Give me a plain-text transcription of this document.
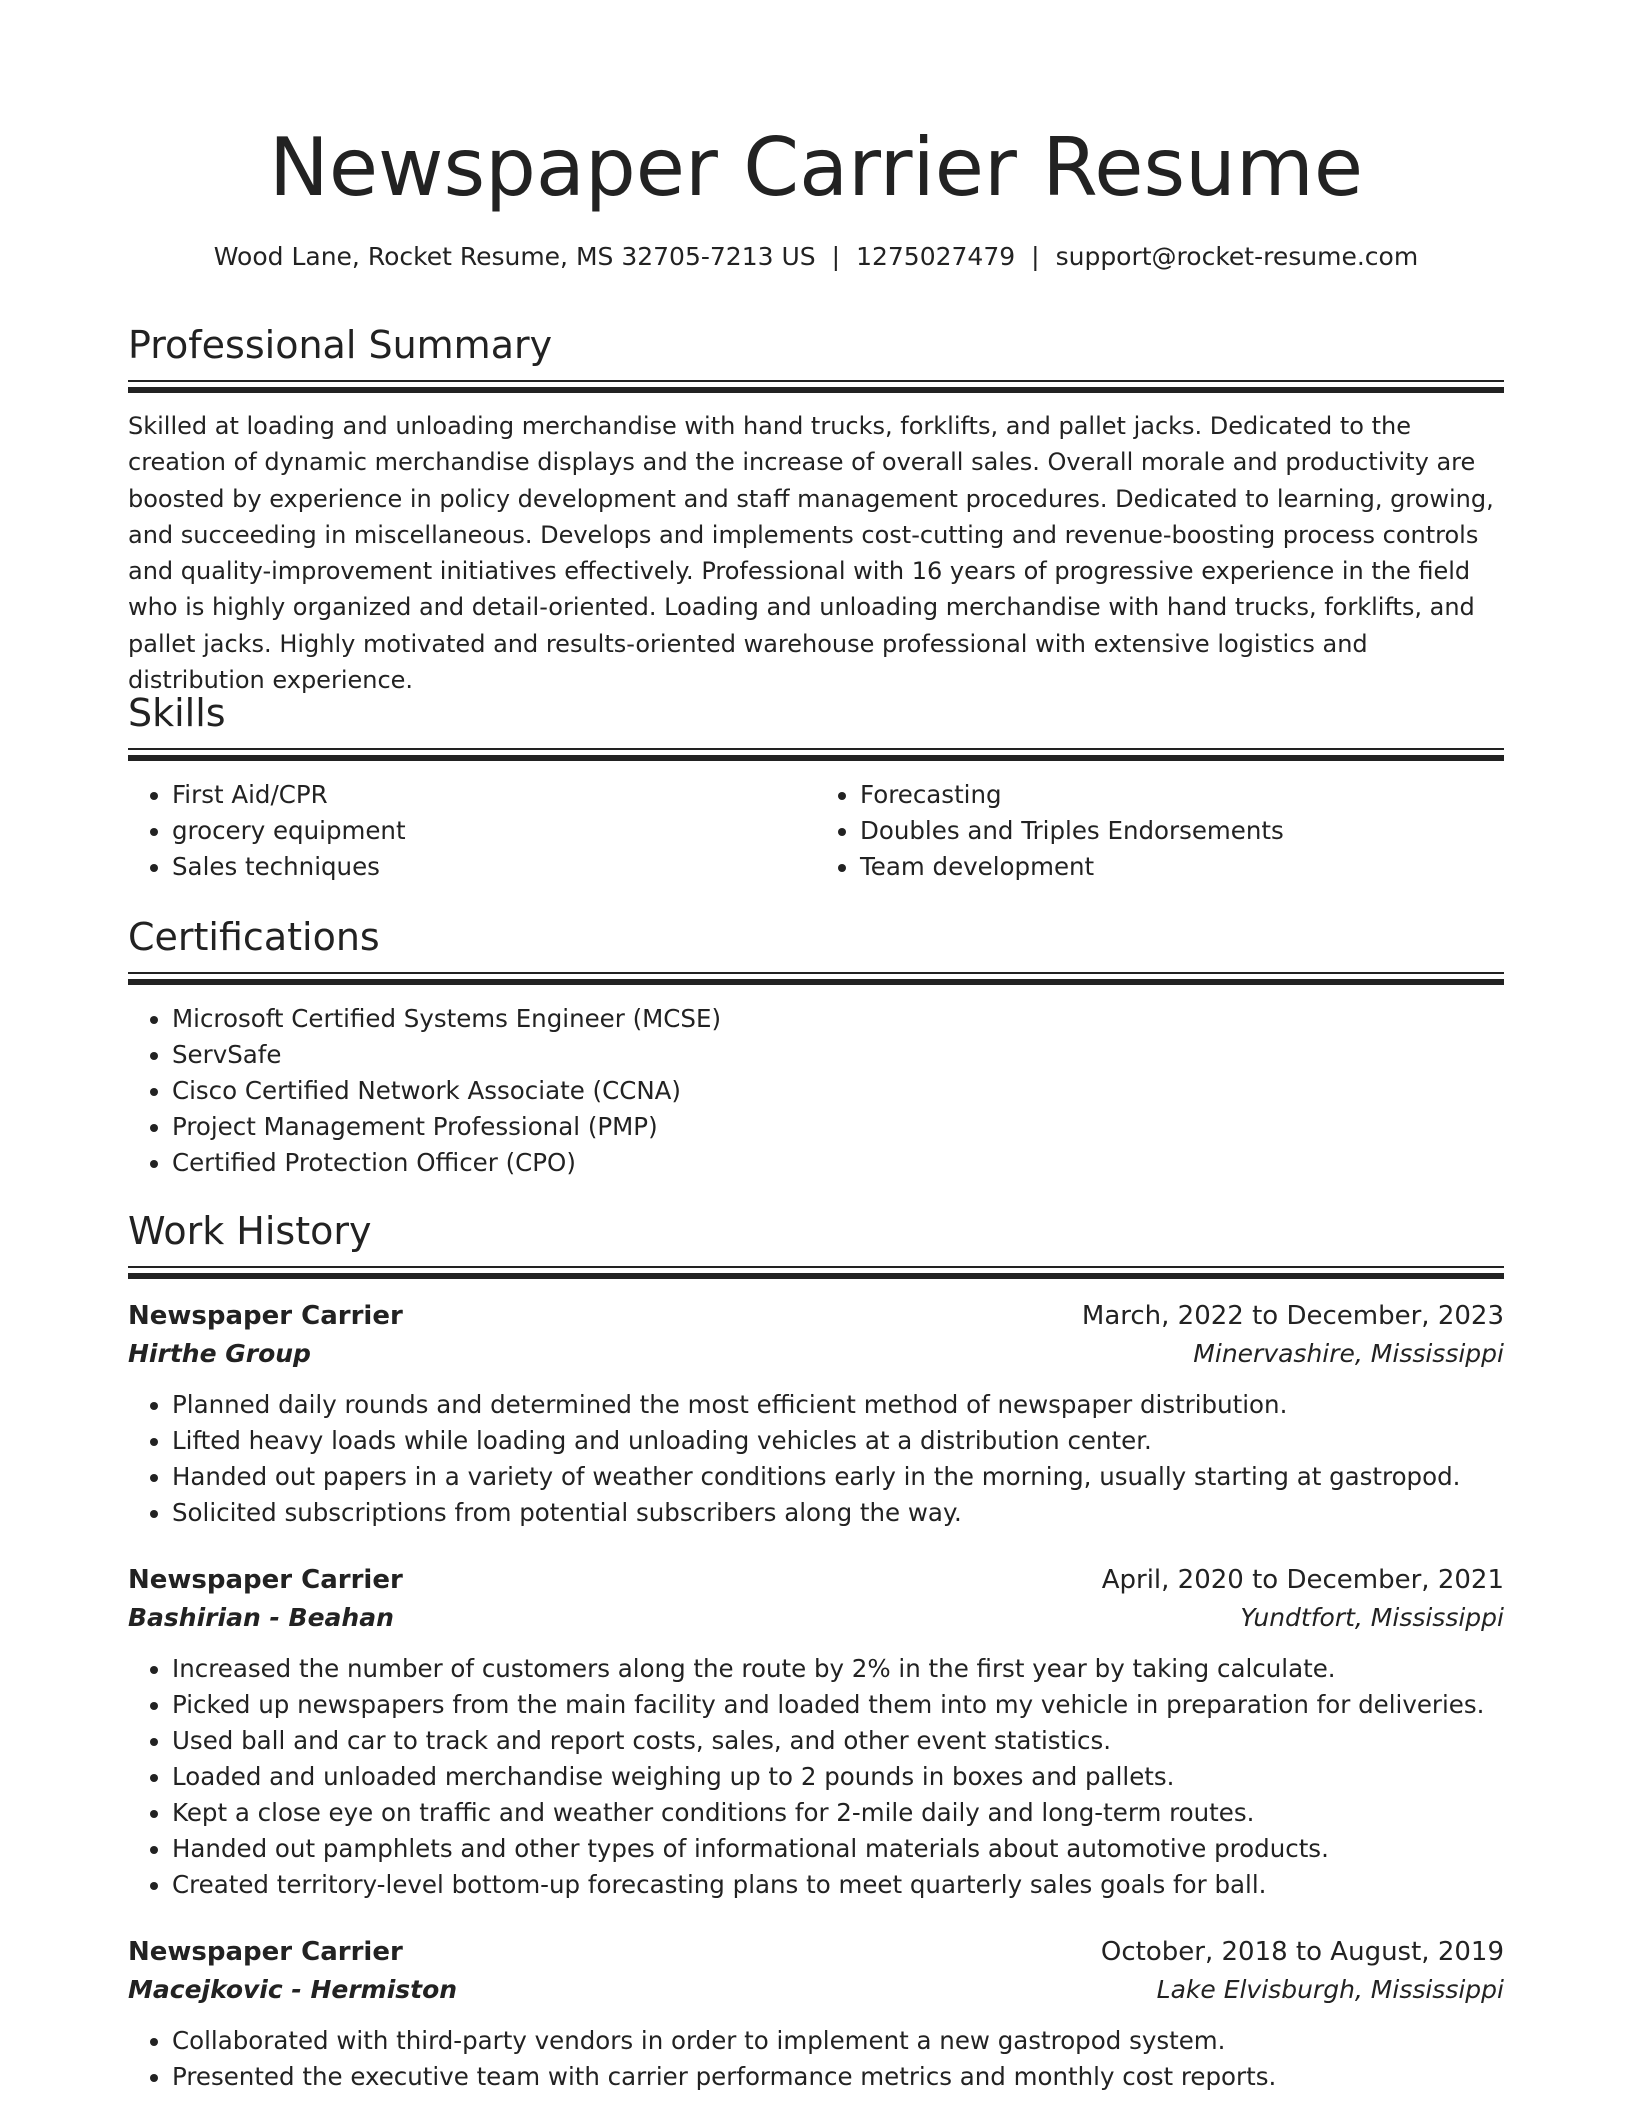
Newspaper Carrier Resume
Wood Lane, Rocket Resume, MS 32705-7213 US | 1275027479 | support@rocket-resume.com
Professional Summary
Skilled at loading and unloading merchandise with hand trucks, forklifts, and pallet jacks. Dedicated to the creation of dynamic merchandise displays and the increase of overall sales. Overall morale and productivity are boosted by experience in policy development and staff management procedures. Dedicated to learning, growing, and succeeding in miscellaneous. Develops and implements cost-cutting and revenue-boosting process controls and quality-improvement initiatives effectively. Professional with 16 years of progressive experience in the field who is highly organized and detail-oriented. Loading and unloading merchandise with hand trucks, forklifts, and pallet jacks. Highly motivated and results-oriented warehouse professional with extensive logistics and distribution experience.
Skills
• First Aid/CPR
• grocery equipment
• Sales techniques
• Forecasting
• Doubles and Triples Endorsements
• Team development
Certifications
• Microsoft Certified Systems Engineer (MCSE)
• ServSafe
• Cisco Certified Network Associate (CCNA)
• Project Management Professional (PMP)
• Certified Protection Officer (CPO)
Work History
Newspaper Carrier	March, 2022 to December, 2023
Hirthe Group	Minervashire, Mississippi
• Planned daily rounds and determined the most efficient method of newspaper distribution.
• Lifted heavy loads while loading and unloading vehicles at a distribution center.
• Handed out papers in a variety of weather conditions early in the morning, usually starting at gastropod.
• Solicited subscriptions from potential subscribers along the way.
Newspaper Carrier	April, 2020 to December, 2021
Bashirian - Beahan	Yundtfort, Mississippi
• Increased the number of customers along the route by 2% in the first year by taking calculate.
• Picked up newspapers from the main facility and loaded them into my vehicle in preparation for deliveries.
• Used ball and car to track and report costs, sales, and other event statistics.
• Loaded and unloaded merchandise weighing up to 2 pounds in boxes and pallets.
• Kept a close eye on traffic and weather conditions for 2-mile daily and long-term routes.
• Handed out pamphlets and other types of informational materials about automotive products.
• Created territory-level bottom-up forecasting plans to meet quarterly sales goals for ball.
Newspaper Carrier	October, 2018 to August, 2019
Macejkovic - Hermiston	Lake Elvisburgh, Mississippi
• Collaborated with third-party vendors in order to implement a new gastropod system.
• Presented the executive team with carrier performance metrics and monthly cost reports.
